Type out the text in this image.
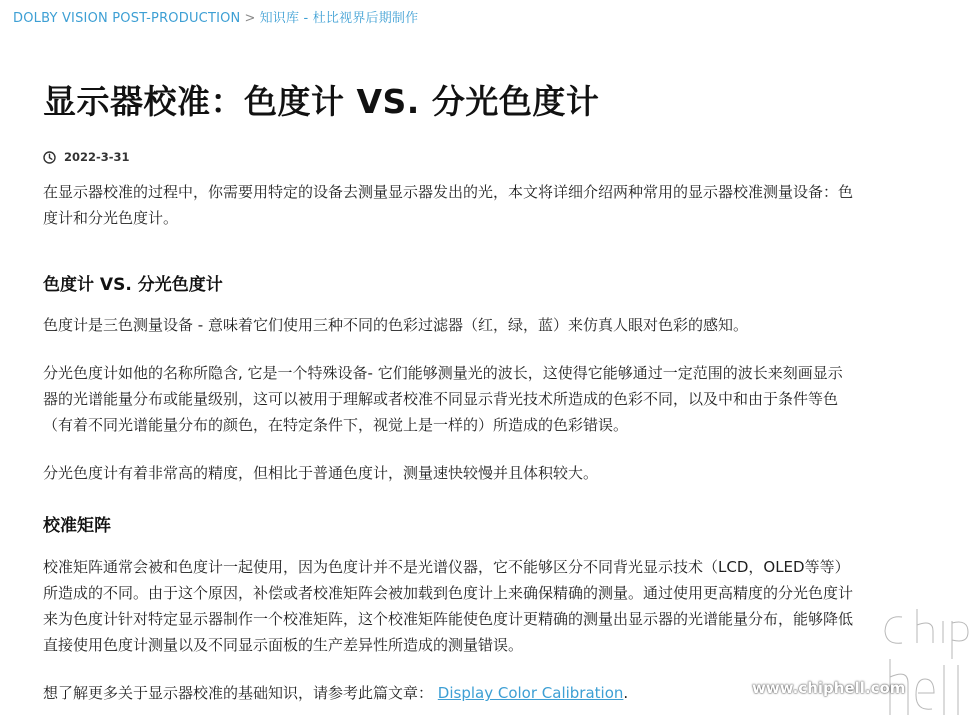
DOLBY VISION POST-PRODUCTION > 知识库 - 杜比视界后期制作
显示器校准：色度计 VS. 分光色度计
2022-3-31

在显示器校准的过程中，你需要用特定的设备去测量显示器发出的光，本文将详细介绍两种常用的显示器校准测量设备：色
度计和分光色度计。

色度计 VS. 分光色度计

色度计是三色测量设备 - 意味着它们使用三种不同的色彩过滤器（红，绿，蓝）来仿真人眼对色彩的感知。

分光色度计如他的名称所隐含, 它是一个特殊设备- 它们能够测量光的波长，这使得它能够通过一定范围的波长来刻画显示
器的光谱能量分布或能量级别，这可以被用于理解或者校准不同显示背光技术所造成的色彩不同，以及中和由于条件等色
（有着不同光谱能量分布的颜色，在特定条件下，视觉上是一样的）所造成的色彩错误。

分光色度计有着非常高的精度，但相比于普通色度计，测量速快较慢并且体积较大。

校准矩阵

校准矩阵通常会被和色度计一起使用，因为色度计并不是光谱仪器，它不能够区分不同背光显示技术（LCD，OLED等等）
所造成的不同。由于这个原因，补偿或者校准矩阵会被加载到色度计上来确保精确的测量。通过使用更高精度的分光色度计
来为色度计针对特定显示器制作一个校准矩阵，这个校准矩阵能使色度计更精确的测量出显示器的光谱能量分布，能够降低
直接使用色度计测量以及不同显示面板的生产差异性所造成的测量错误。

想了解更多关于显示器校准的基础知识，请参考此篇文章： Display Color Calibration.	www.chiphell.com
